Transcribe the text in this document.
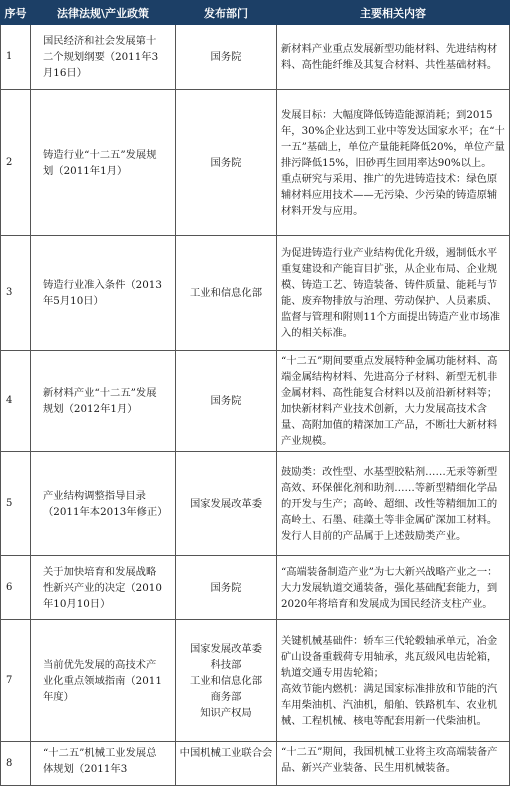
序号	法律法规\产业政策	发布部门	主要相关内容
1	国民经济和社会发展第十二个规划纲要（2011年3月16日）	国务院	新材料产业重点发展新型功能材料、先进结构材料、高性能纤维及其复合材料、共性基础材料。

2	铸造行业“十二五”发展规划（2011年1月）	国务院	发展目标：大幅度降低铸造能源消耗；到2015年，30%企业达到工业中等发达国家水平；在“十一五”基础上，单位产量能耗降低20%，单位产量排污降低15%，旧砂再生回用率达90%以上。
重点研究与采用、推广的先进铸造技术：绿色原辅材料应用技术——无污染、少污染的铸造原辅材料开发与应用。

3	铸造行业准入条件（2013年5月10日）	工业和信息化部	为促进铸造行业产业结构优化升级，遏制低水平重复建设和产能盲目扩张，从企业布局、企业规模、铸造工艺、铸造装备、铸件质量、能耗与节能、废弃物排放与治理、劳动保护、人员素质、监督与管理和附则11个方面提出铸造产业市场准入的相关标准。

4	新材料产业“十二五”发展规划（2012年1月）	国务院	“十二五”期间要重点发展特种金属功能材料、高端金属结构材料、先进高分子材料、新型无机非金属材料、高性能复合材料以及前沿新材料等；加快新材料产业技术创新，大力发展高技术含量、高附加值的精深加工产品，不断壮大新材料产业规模。

5	产业结构调整指导目录（2011年本2013年修正）	国家发展改革委	鼓励类：改性型、水基型胶粘剂……无汞等新型高效、环保催化剂和助剂……等新型精细化学品的开发与生产；高岭、超细、改性等精细加工的高岭土、石墨、硅藻土等非金属矿深加工材料。
发行人目前的产品属于上述鼓励类产业。

6	关于加快培育和发展战略性新兴产业的决定（2010年10月10日）	国务院	“高端装备制造产业”为七大新兴战略产业之一：大力发展轨道交通装备，强化基础配套能力，到2020年将培育和发展成为国民经济支柱产业。

7	当前优先发展的高技术产业化重点领域指南（2011年度）	国家发展改革委
科技部
工业和信息化部
商务部
知识产权局	关键机械基础件：轿车三代轮毂轴承单元，冶金矿山设备重载荷专用轴承，兆瓦级风电齿轮箱，轨道交通专用齿轮箱；
高效节能内燃机：满足国家标准排放和节能的汽车用柴油机、汽油机，船舶、铁路机车、农业机械、工程机械、核电等配套用新一代柴油机。

8	“十二五”机械工业发展总体规划（2011年3	中国机械工业联合会	“十二五”期间，我国机械工业将主攻高端装备产品、新兴产业装备、民生用机械装备。
